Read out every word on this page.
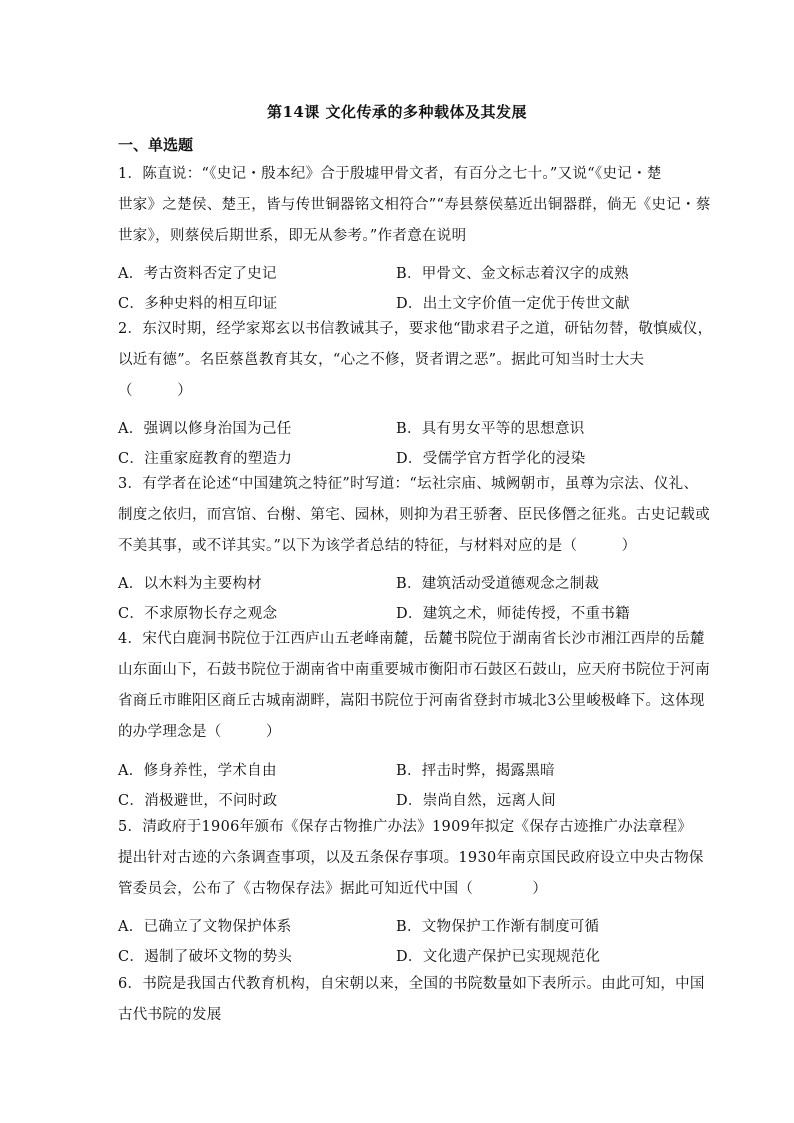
第14课 文化传承的多种载体及其发展
一、单选题
1．陈直说：“《史记・殷本纪》合于殷墟甲骨文者，有百分之七十。”又说“《史记・楚
世家》之楚侯、楚王，皆与传世铜器铭文相符合”“寿县蔡侯墓近出铜器群，倘无《史记・蔡
世家》，则蔡侯后期世系，即无从参考。”作者意在说明
A．考古资料否定了史记	B．甲骨文、金文标志着汉字的成熟
C．多种史料的相互印证	D．出土文字价值一定优于传世文献
2．东汉时期，经学家郑玄以书信教诫其子，要求他“勖求君子之道，研钻勿替，敬慎威仪，
以近有德”。名臣蔡邕教育其女，“心之不修，贤者谓之恶”。据此可知当时士大夫
（　　　）
A．强调以修身治国为己任	B．具有男女平等的思想意识
C．注重家庭教育的塑造力	D．受儒学官方哲学化的浸染
3．有学者在论述“中国建筑之特征”时写道：“坛社宗庙、城阙朝市，虽尊为宗法、仪礼、
制度之依归，而宫馆、台榭、第宅、园林，则抑为君王骄奢、臣民侈僭之征兆。古史记载或
不美其事，或不详其实。”以下为该学者总结的特征，与材料对应的是（　　　）
A．以木料为主要构材	B．建筑活动受道德观念之制裁
C．不求原物长存之观念	D．建筑之术，师徒传授，不重书籍
4．宋代白鹿洞书院位于江西庐山五老峰南麓，岳麓书院位于湖南省长沙市湘江西岸的岳麓
山东面山下，石鼓书院位于湖南省中南重要城市衡阳市石鼓区石鼓山，应天府书院位于河南
省商丘市睢阳区商丘古城南湖畔，嵩阳书院位于河南省登封市城北3公里峻极峰下。这体现
的办学理念是（　　　）
A．修身养性，学术自由	B．抨击时弊，揭露黑暗
C．消极避世，不问时政	D．崇尚自然，远离人间
5．清政府于1906年颁布《保存古物推广办法》1909年拟定《保存古迹推广办法章程》
提出针对古迹的六条调查事项，以及五条保存事项。1930年南京国民政府设立中央古物保
管委员会，公布了《古物保存法》据此可知近代中国（　　　　）
A．已确立了文物保护体系	B．文物保护工作渐有制度可循
C．遏制了破坏文物的势头	D．文化遗产保护已实现规范化
6．书院是我国古代教育机构，自宋朝以来，全国的书院数量如下表所示。由此可知，中国
古代书院的发展
